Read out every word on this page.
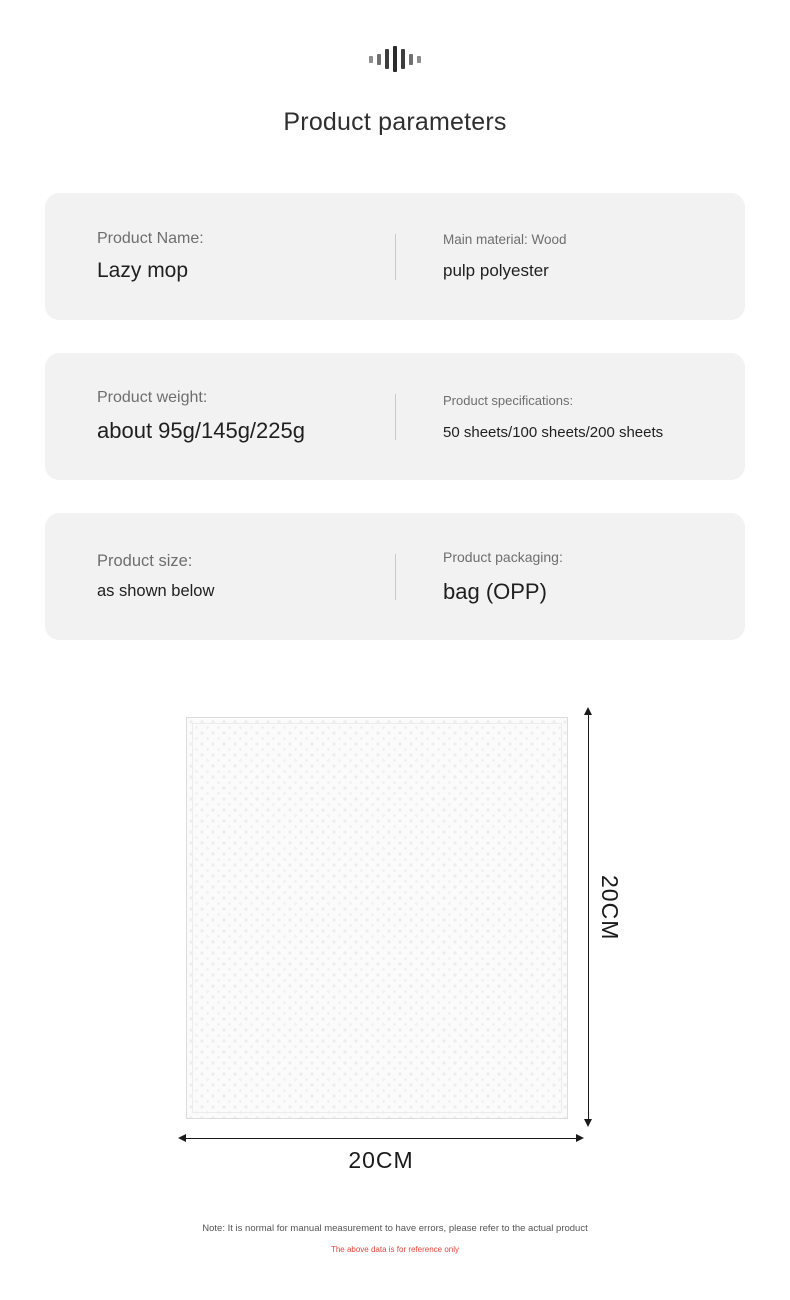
Product parameters
Product Name:
Lazy mop
Main material: Wood
pulp polyester
Product weight:
about 95g/145g/225g
Product specifications:
50 sheets/100 sheets/200 sheets
Product size:
as shown below
Product packaging:
bag (OPP)
20CM
20CM
Note: It is normal for manual measurement to have errors, please refer to the actual product
The above data is for reference only
